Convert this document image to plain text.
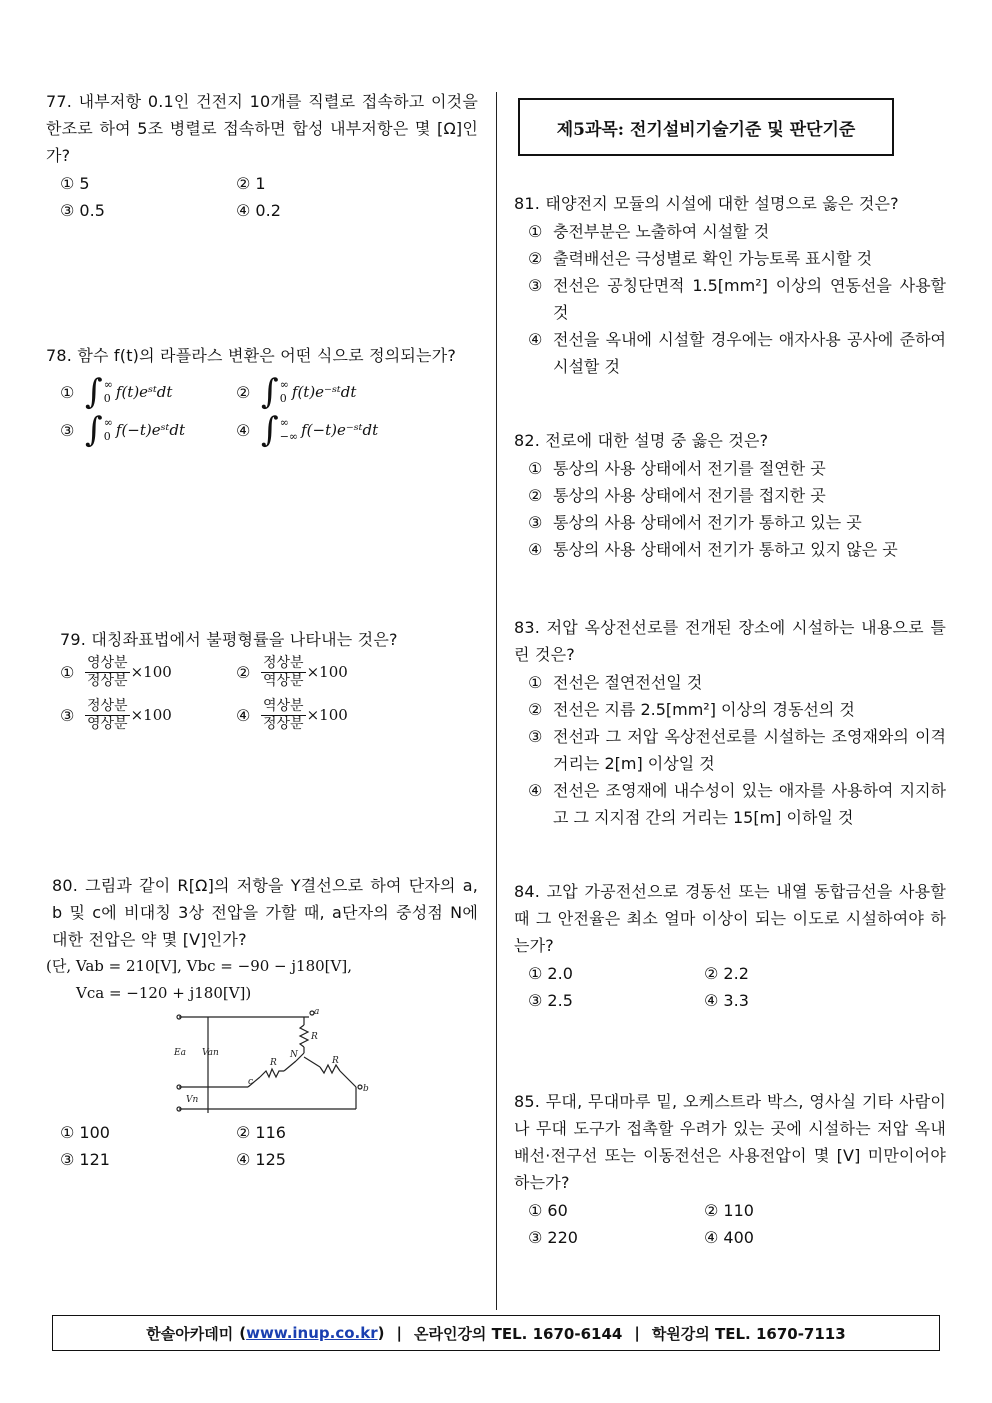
77. 내부저항 0.1인 건전지 10개를 직렬로 접속하고 이것을 한조로 하여 5조 병렬로 접속하면 합성 내부저항은 몇 [Ω]인가?

① 5	② 1
③ 0.5	④ 0.2

78. 함수 f(t)의 라플라스 변환은 어떤 식으로 정의되는가?

① ∫ ∞
0 f(t)eˢᵗdt	② ∫ ∞
0 f(t)e⁻ˢᵗdt
③ ∫ ∞
0 f(−t)eˢᵗdt	④ ∫ ∞
−∞ f(−t)e⁻ˢᵗdt

79. 대칭좌표법에서 불평형률을 나타내는 것은?

① $\frac{\text{영상분}}{\text{정상분}} \times 100$	② $\frac{\text{정상분}}{\text{역상분}} \times 100$
③ $\frac{\text{정상분}}{\text{영상분}} \times 100$	④ $\frac{\text{역상분}}{\text{정상분}} \times 100$

80. 그림과 같이 R[Ω]의 저항을 Y결선으로 하여 단자의 a, b 및 c에 비대칭 3상 전압을 가할 때, a단자의 중성점 N에 대한 전압은 약 몇 [V]인가?

(단, Vab = 210[V], Vbc = −90 − j180[V],
Vca = −120 + j180[V])
① 100	② 116
③ 121	④ 125
a
b
c
N
R
R	R
Ea Van
Vn
제5과목: 전기설비기술기준 및 판단기준

81. 태양전지 모듈의 시설에 대한 설명으로 옳은 것은?

① 충전부분은 노출하여 시설할 것
② 출력배선은 극성별로 확인 가능토록 표시할 것
③ 전선은 공칭단면적 1.5[mm²] 이상의 연동선을 사용할 것
④ 전선을 옥내에 시설할 경우에는 애자사용 공사에 준하여 시설할 것

82. 전로에 대한 설명 중 옳은 것은?

① 통상의 사용 상태에서 전기를 절연한 곳
② 통상의 사용 상태에서 전기를 접지한 곳
③ 통상의 사용 상태에서 전기가 통하고 있는 곳
④ 통상의 사용 상태에서 전기가 통하고 있지 않은 곳

83. 저압 옥상전선로를 전개된 장소에 시설하는 내용으로 틀린 것은?

① 전선은 절연전선일 것
② 전선은 지름 2.5[mm²] 이상의 경동선의 것
③ 전선과 그 저압 옥상전선로를 시설하는 조영재와의 이격거리는 2[m] 이상일 것
④ 전선은 조영재에 내수성이 있는 애자를 사용하여 지지하고 그 지지점 간의 거리는 15[m] 이하일 것

84. 고압 가공전선으로 경동선 또는 내열 동합금선을 사용할 때 그 안전율은 최소 얼마 이상이 되는 이도로 시설하여야 하는가?

① 2.0	② 2.2
③ 2.5	④ 3.3

85. 무대, 무대마루 밑, 오케스트라 박스, 영사실 기타 사람이나 무대 도구가 접촉할 우려가 있는 곳에 시설하는 저압 옥내배선·전구선 또는 이동전선은 사용전압이 몇 [V] 미만이어야 하는가?

① 60	② 110
③ 220	④ 400
한솔아카데미 ( www.inup.co.kr ) | 온라인강의 TEL. 1670-6144 | 학원강의 TEL. 1670-7113
